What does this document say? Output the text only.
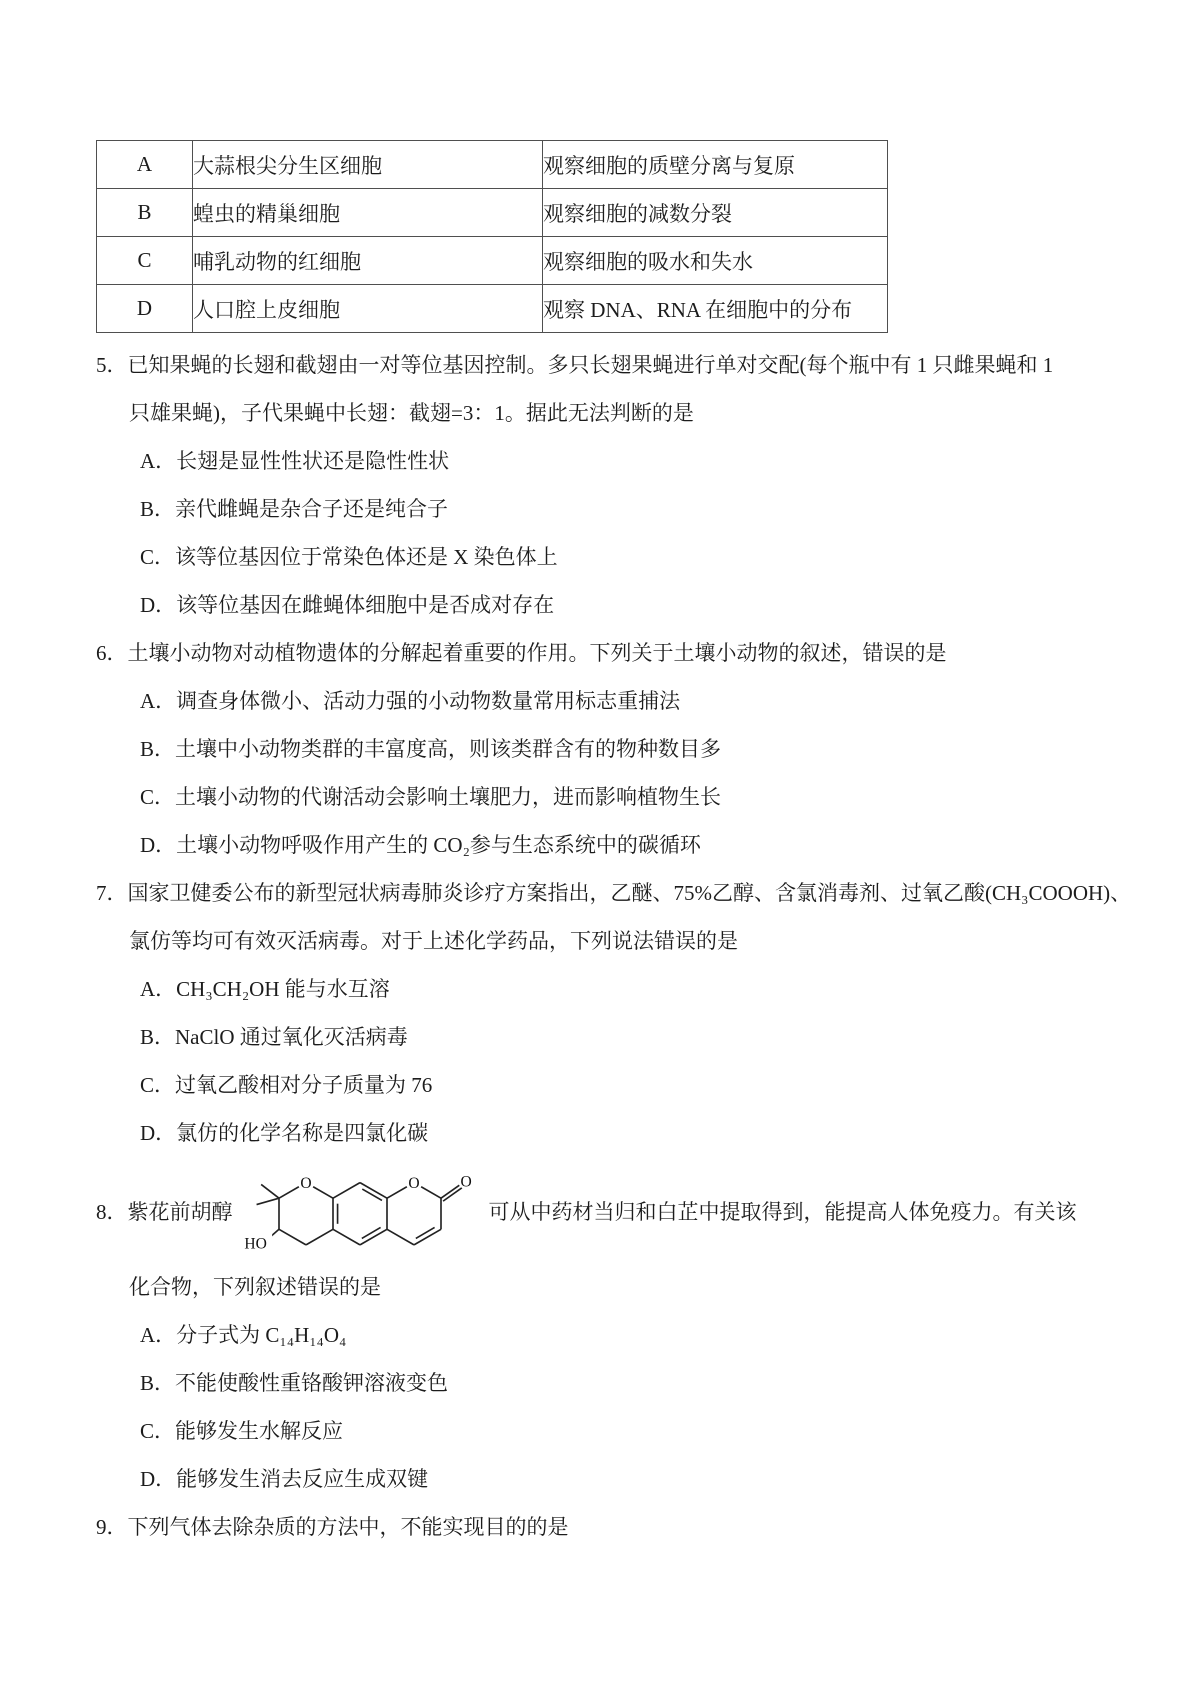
A	大蒜根尖分生区细胞	观察细胞的质壁分离与复原
B	蝗虫的精巢细胞	观察细胞的减数分裂
C	哺乳动物的红细胞	观察细胞的吸水和失水
D	人口腔上皮细胞	观察 DNA、RNA 在细胞中的分布

5．已知果蝇的长翅和截翅由一对等位基因控制。多只长翅果蝇进行单对交配(每个瓶中有 1 只雌果蝇和 1

只雄果蝇)，子代果蝇中长翅：截翅=3：1。据此无法判断的是

A．长翅是显性性状还是隐性性状

B．亲代雌蝇是杂合子还是纯合子

C．该等位基因位于常染色体还是 X 染色体上

D．该等位基因在雌蝇体细胞中是否成对存在

6．土壤小动物对动植物遗体的分解起着重要的作用。下列关于土壤小动物的叙述，错误的是

A．调查身体微小、活动力强的小动物数量常用标志重捕法

B．土壤中小动物类群的丰富度高，则该类群含有的物种数目多

C．土壤小动物的代谢活动会影响土壤肥力，进而影响植物生长

D．土壤小动物呼吸作用产生的 CO₂参与生态系统中的碳循环

7．国家卫健委公布的新型冠状病毒肺炎诊疗方案指出，乙醚、75%乙醇、含氯消毒剂、过氧乙酸(CH₃COOOH)、

氯仿等均可有效灭活病毒。对于上述化学药品，下列说法错误的是

A．CH₃CH₂OH 能与水互溶

B．NaClO 通过氧化灭活病毒

C．过氧乙酸相对分子质量为 76

D．氯仿的化学名称是四氯化碳

8．紫花前胡醇
O	O O
HO
可从中药材当归和白芷中提取得到，能提高人体免疫力。有关该

化合物，下列叙述错误的是

A．分子式为 C₁₄H₁₄O₄

B．不能使酸性重铬酸钾溶液变色

C．能够发生水解反应

D．能够发生消去反应生成双键

9．下列气体去除杂质的方法中，不能实现目的的是
